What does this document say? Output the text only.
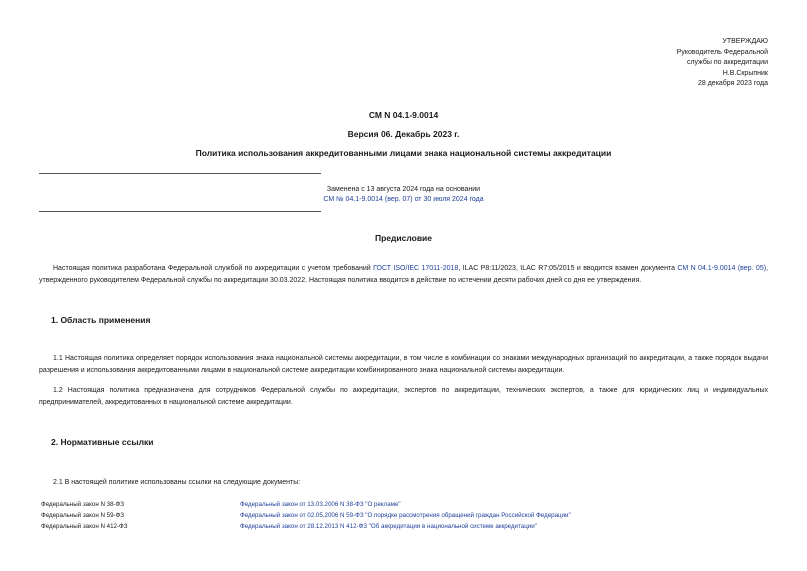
УТВЕРЖДАЮ
Руководитель Федеральной
службы по аккредитации
Н.В.Скрыпник
28 декабря 2023 года
СМ N 04.1-9.0014
Версия 06. Декабрь 2023 г.
Политика использования аккредитованными лицами знака национальной системы аккредитации
Заменена с 13 августа 2024 года на основании
СМ № 04.1-9.0014 (вер. 07) от 30 июля 2024 года
Предисловие
Настоящая политика разработана Федеральной службой по аккредитации с учетом требований ГОСТ ISO/IEC 17011-2018, ILAC P8:11/2023, ILAC R7:05/2015 и вводится взамен документа СМ N 04.1-9.0014 (вер. 05), утвержденного руководителем Федеральной службы по аккредитации 30.03.2022. Настоящая политика вводится в действие по истечении десяти рабочих дней со дня ее утверждения.
1. Область применения
1.1 Настоящая политика определяет порядок использования знака национальной системы аккредитации, в том числе в комбинации со знаками международных организаций по аккредитации, а также порядок выдачи разрешения и использования аккредитованными лицами в национальной системе аккредитации комбинированного знака национальной системы аккредитации.
1.2 Настоящая политика предназначена для сотрудников Федеральной службы по аккредитации, экспертов по аккредитации, технических экспертов, а также для юридических лиц и индивидуальных предпринимателей, аккредитованных в национальной системе аккредитации.
2. Нормативные ссылки
2.1 В настоящей политике использованы ссылки на следующие документы:
Федеральный закон N 38-ФЗ	Федеральный закон от 13.03.2006 N 38-ФЗ "О рекламе"
Федеральный закон N 59-ФЗ	Федеральный закон от 02.05.2006 N 59-ФЗ "О порядке рассмотрения обращений граждан Российской Федерации"
Федеральный закон N 412-ФЗ	Федеральный закон от 28.12.2013 N 412-ФЗ "Об аккредитации в национальной системе аккредитации"
